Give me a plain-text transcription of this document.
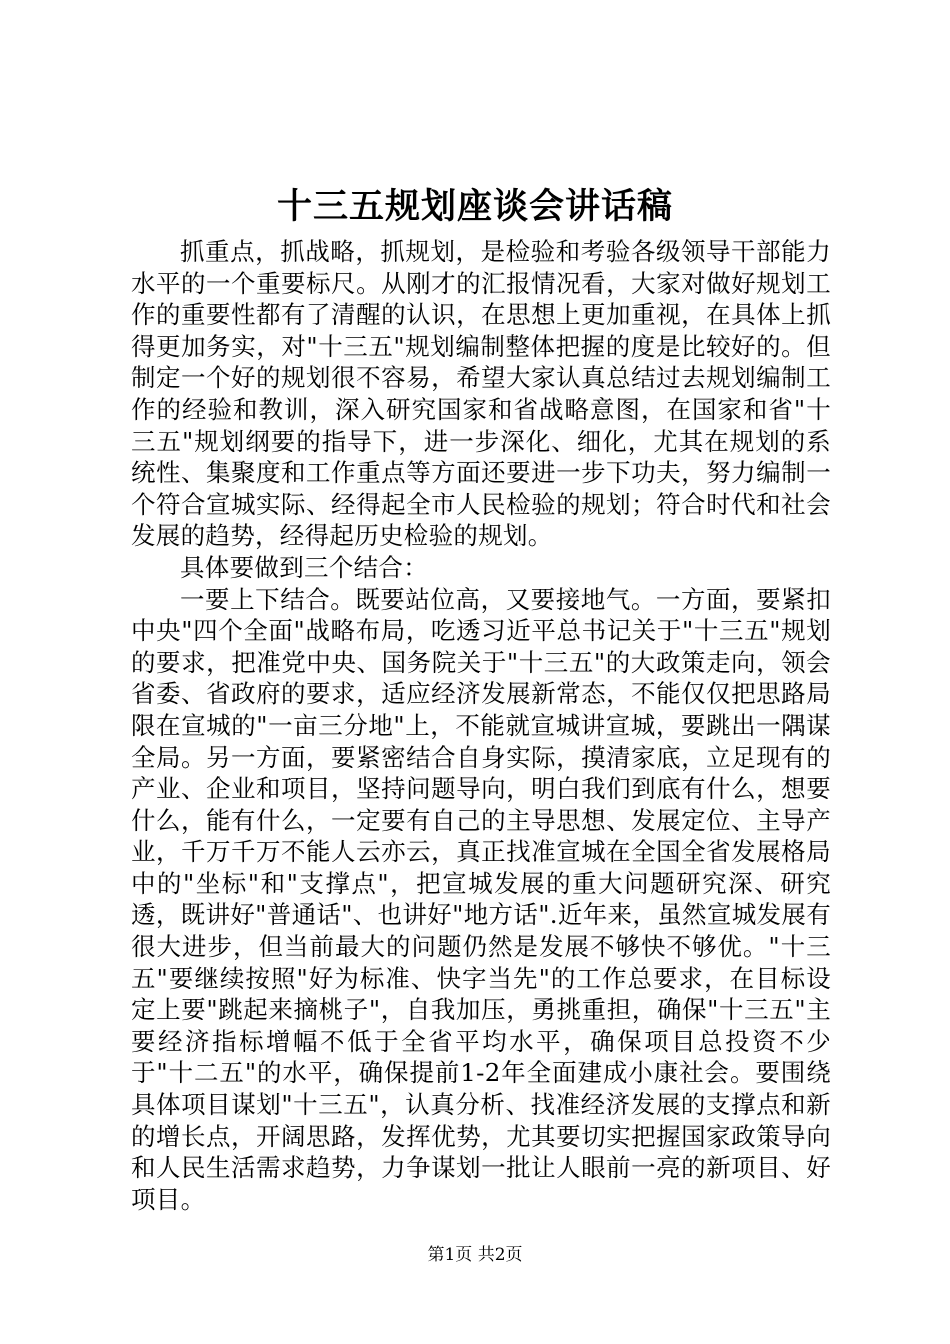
十三五规划座谈会讲话稿

抓重点，抓战略，抓规划，是检验和考验各级领导干部能力水平的一个重要标尺。从刚才的汇报情况看，大家对做好规划工作的重要性都有了清醒的认识，在思想上更加重视，在具体上抓得更加务实，对"十三五"规划编制整体把握的度是比较好的。但制定一个好的规划很不容易，希望大家认真总结过去规划编制工作的经验和教训，深入研究国家和省战略意图，在国家和省"十三五"规划纲要的指导下，进一步深化、细化，尤其在规划的系统性、集聚度和工作重点等方面还要进一步下功夫，努力编制一个符合宣城实际、经得起全市人民检验的规划；符合时代和社会发展的趋势，经得起历史检验的规划。

具体要做到三个结合：

一要上下结合。既要站位高，又要接地气。一方面，要紧扣中央"四个全面"战略布局，吃透习近平总书记关于"十三五"规划的要求，把准党中央、国务院关于"十三五"的大政策走向，领会省委、省政府的要求，适应经济发展新常态，不能仅仅把思路局限在宣城的"一亩三分地"上，不能就宣城讲宣城，要跳出一隅谋全局。另一方面，要紧密结合自身实际，摸清家底，立足现有的产业、企业和项目，坚持问题导向，明白我们到底有什么，想要什么，能有什么，一定要有自己的主导思想、发展定位、主导产业，千万千万不能人云亦云，真正找准宣城在全国全省发展格局中的"坐标"和"支撑点"，把宣城发展的重大问题研究深、研究透，既讲好"普通话"、也讲好"地方话".近年来，虽然宣城发展有很大进步，但当前最大的问题仍然是发展不够快不够优。"十三五"要继续按照"好为标准、快字当先"的工作总要求，在目标设定上要"跳起来摘桃子"，自我加压，勇挑重担，确保"十三五"主要经济指标增幅不低于全省平均水平，确保项目总投资不少于"十二五"的水平，确保提前1-2年全面建成小康社会。要围绕具体项目谋划"十三五"，认真分析、找准经济发展的支撑点和新的增长点，开阔思路，发挥优势，尤其要切实把握国家政策导向和人民生活需求趋势，力争谋划一批让人眼前一亮的新项目、好项目。

第1页 共2页
